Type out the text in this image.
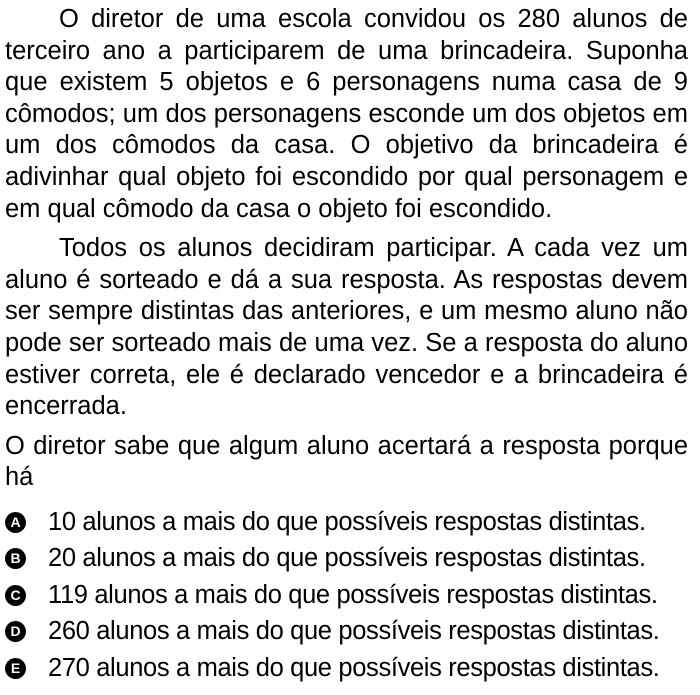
O diretor de uma escola convidou os 280 alunos de terceiro ano a participarem de uma brincadeira. Suponha que existem 5 objetos e 6 personagens numa casa de 9 cômodos; um dos personagens esconde um dos objetos em um dos cômodos da casa. O objetivo da brincadeira é adivinhar qual objeto foi escondido por qual personagem e em qual cômodo da casa o objeto foi escondido.

Todos os alunos decidiram participar. A cada vez um aluno é sorteado e dá a sua resposta. As respostas devem ser sempre distintas das anteriores, e um mesmo aluno não pode ser sorteado mais de uma vez. Se a resposta do aluno estiver correta, ele é declarado vencedor e a brincadeira é encerrada.

O diretor sabe que algum aluno acertará a resposta porque há

A 10 alunos a mais do que possíveis respostas distintas.
B 20 alunos a mais do que possíveis respostas distintas.
C 119 alunos a mais do que possíveis respostas distintas.
D 260 alunos a mais do que possíveis respostas distintas.
E 270 alunos a mais do que possíveis respostas distintas.
